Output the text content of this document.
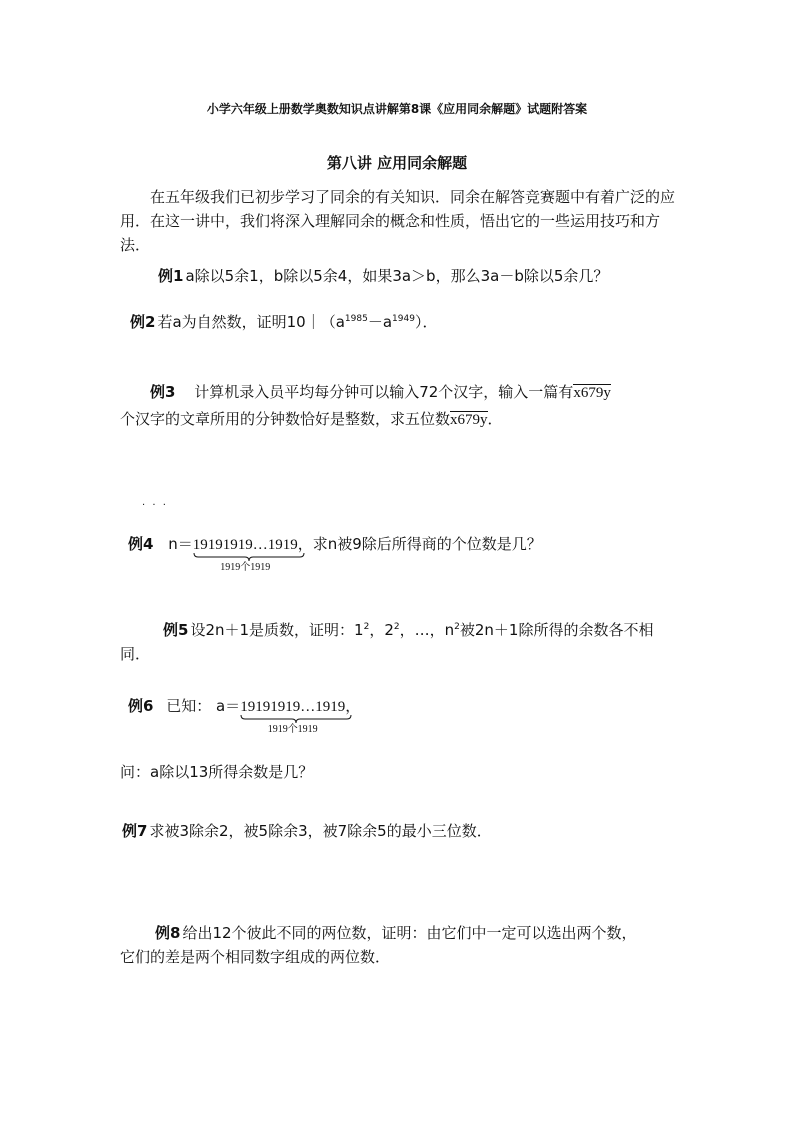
小学六年级上册数学奥数知识点讲解第8课《应用同余解题》试题附答案
第八讲 应用同余解题
在五年级我们已初步学习了同余的有关知识．同余在解答竞赛题中有着广泛的应用．在这一讲中，我们将深入理解同余的概念和性质，悟出它的一些运用技巧和方法．
例1 a除以5余1，b除以5余4，如果3a＞b，那么3a－b除以5余几？
例2 若a为自然数，证明$10|(a^{1985}-a^{1949})$．
例3 计算机录入员平均每分钟可以输入72个汉字，输入一篇有x679y
个汉字的文章所用的分钟数恰好是整数，求五位数x679y．
· · ·
例4 n＝19191919…1919
1919个1919
，求n被9除后所得商的个位数是几？
例5 设2n＋1是质数，证明：$1^2$，$2^2$，…，$n^2$被2n＋1除所得的余数各不相
同．
例6 已知： a＝19191919…1919
1919个1919
，
问：a除以13所得余数是几？
例7 求被3除余2，被5除余3，被7除余5的最小三位数．
例8 给出12个彼此不同的两位数，证明：由它们中一定可以选出两个数，
它们的差是两个相同数字组成的两位数．
